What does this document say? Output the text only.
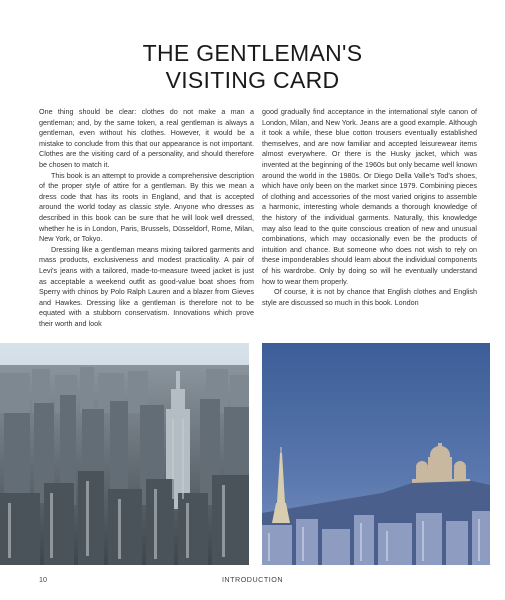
THE GENTLEMAN'S
VISITING CARD

One thing should be clear: clothes do not make a man a gentleman; and, by the same token, a real gentleman is always a gentleman, even without his clothes. However, it would be a mistake to conclude from this that our appearance is not important. Clothes are the visiting card of a personality, and should therefore be chosen to match it.

This book is an attempt to provide a comprehensive description of the proper style of attire for a gentleman. By this we mean a dress code that has its roots in England, and that is accepted around the world today as classic style. Anyone who dresses as described in this book can be sure that he will look well dressed, whether he is in London, Paris, Brussels, Düsseldorf, Rome, Milan, New York, or Tokyo.

Dressing like a gentleman means mixing tailored garments and mass products, exclusiveness and modest practicality. A pair of Levi's jeans with a tailored, made-to-measure tweed jacket is just as acceptable a weekend outfit as good-value boat shoes from Sperry with chinos by Polo Ralph Lauren and a blazer from Gieves and Hawkes. Dressing like a gentleman is therefore not to be equated with a stubborn conservatism. Innovations which prove their worth and look

good gradually find acceptance in the international style canon of London, Milan, and New York. Jeans are a good example. Although it took a while, these blue cotton trousers eventually established themselves, and are now familiar and accepted leisurewear items almost everywhere. Or there is the Husky jacket, which was invented at the beginning of the 1960s but only became well known around the world in the 1980s. Or Diego Della Valle's Tod's shoes, which have only been on the market since 1979. Combining pieces of clothing and accessories of the most varied origins to assemble a harmonic, interesting whole demands a thorough knowledge of the history of the individual garments. Naturally, this knowledge may also lead to the quite conscious creation of new and unusual combinations, which may occasionally even be the products of intuition and chance. But someone who does not wish to rely on these imponderables should learn about the individual components of his wardrobe. Only by doing so will he eventually understand how to wear them properly.

Of course, it is not by chance that English clothes and English style are discussed so much in this book. London

10	INTRODUCTION
